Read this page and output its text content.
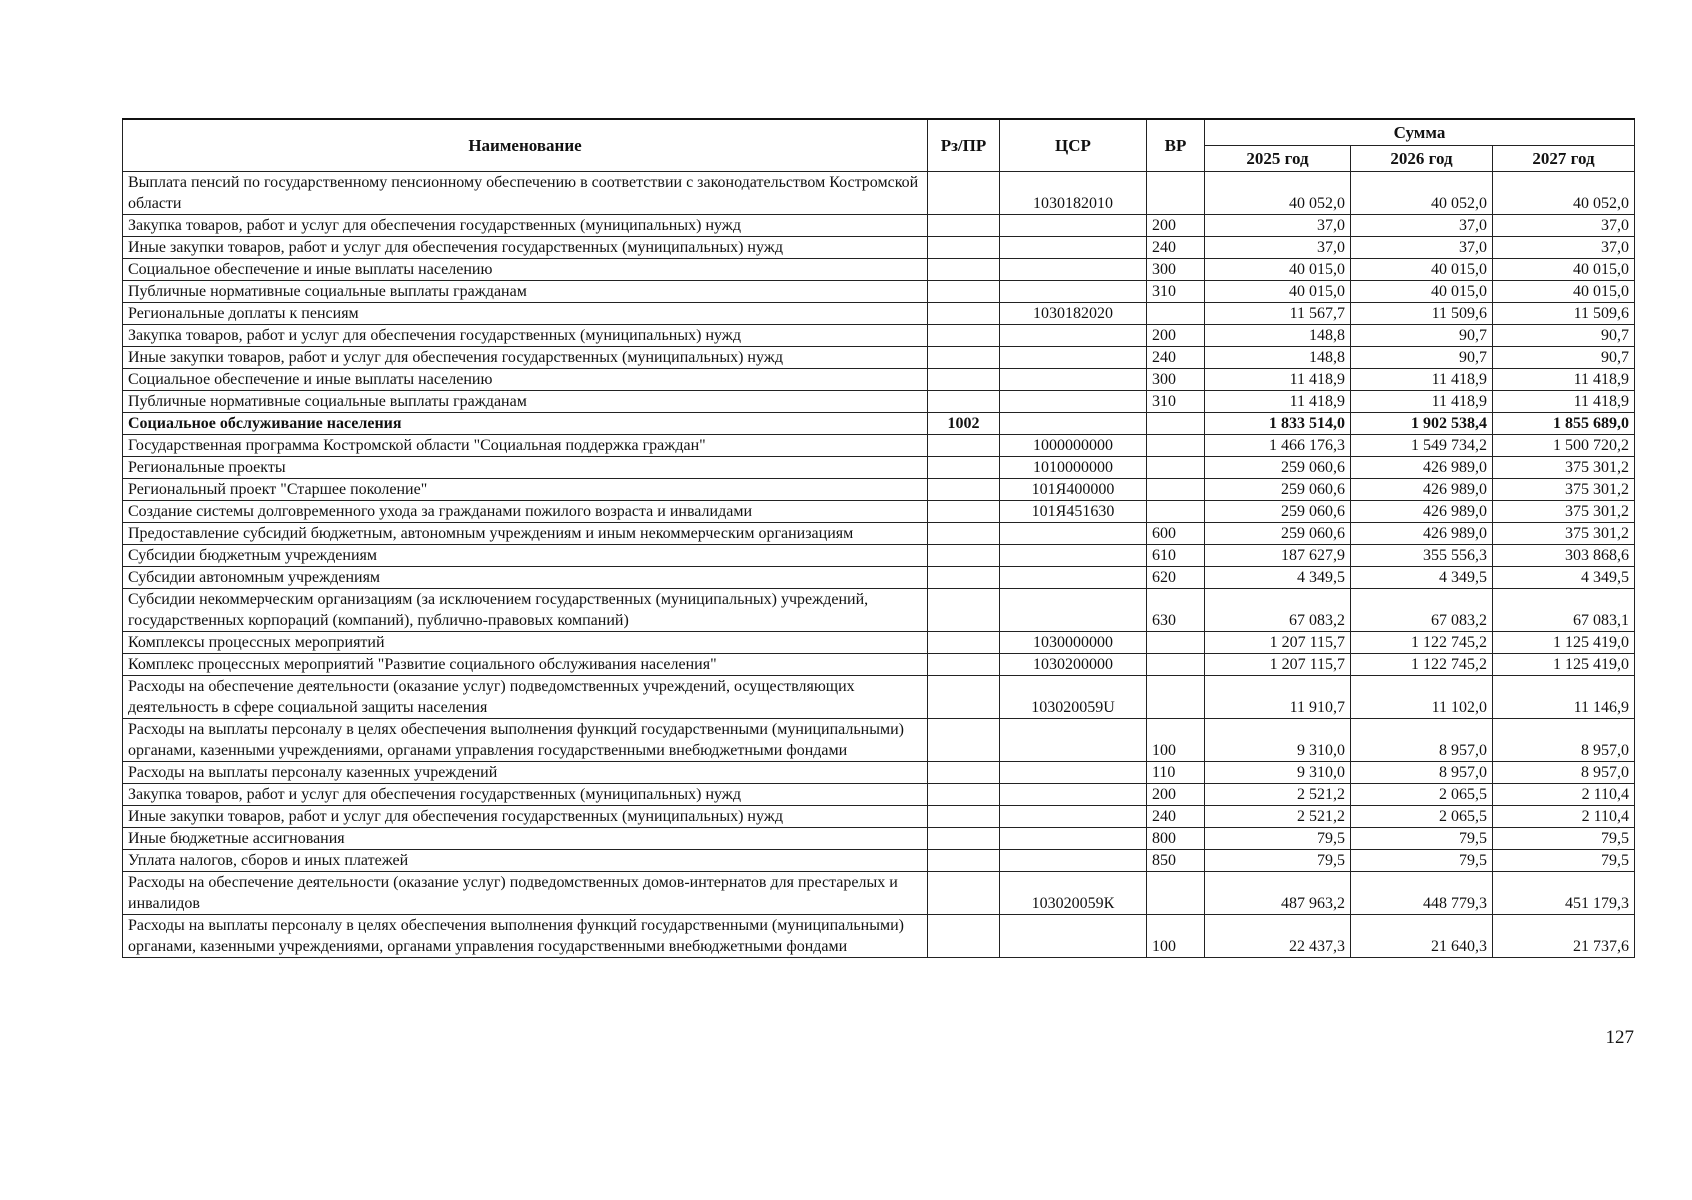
Наименование	Рз/ПР	ЦСР	ВР	Сумма		
				2025 год	2026 год	2027 год
Выплата пенсий по государственному пенсионному обеспечению в соответствии с законодательством Костромской области		1030182010		40 052,0	40 052,0	40 052,0
Закупка товаров, работ и услуг для обеспечения государственных (муниципальных) нужд			200	37,0	37,0	37,0
Иные закупки товаров, работ и услуг для обеспечения государственных (муниципальных) нужд			240	37,0	37,0	37,0
Социальное обеспечение и иные выплаты населению			300	40 015,0	40 015,0	40 015,0
Публичные нормативные социальные выплаты гражданам			310	40 015,0	40 015,0	40 015,0
Региональные доплаты к пенсиям		1030182020		11 567,7	11 509,6	11 509,6
Закупка товаров, работ и услуг для обеспечения государственных (муниципальных) нужд			200	148,8	90,7	90,7
Иные закупки товаров, работ и услуг для обеспечения государственных (муниципальных) нужд			240	148,8	90,7	90,7
Социальное обеспечение и иные выплаты населению			300	11 418,9	11 418,9	11 418,9
Публичные нормативные социальные выплаты гражданам			310	11 418,9	11 418,9	11 418,9
Социальное обслуживание населения	1002			1 833 514,0	1 902 538,4	1 855 689,0
Государственная программа Костромской области "Социальная поддержка граждан"		1000000000		1 466 176,3	1 549 734,2	1 500 720,2
Региональные проекты		1010000000		259 060,6	426 989,0	375 301,2
Региональный проект "Старшее поколение"		101Я400000		259 060,6	426 989,0	375 301,2
Создание системы долговременного ухода за гражданами пожилого возраста и инвалидами		101Я451630		259 060,6	426 989,0	375 301,2
Предоставление субсидий бюджетным, автономным учреждениям и иным некоммерческим организациям			600	259 060,6	426 989,0	375 301,2
Субсидии бюджетным учреждениям			610	187 627,9	355 556,3	303 868,6
Субсидии автономным учреждениям			620	4 349,5	4 349,5	4 349,5
Субсидии некоммерческим организациям (за исключением государственных (муниципальных) учреждений, государственных корпораций (компаний), публично-правовых компаний)			630	67 083,2	67 083,2	67 083,1
Комплексы процессных мероприятий		1030000000		1 207 115,7	1 122 745,2	1 125 419,0
Комплекс процессных мероприятий "Развитие социального обслуживания населения"		1030200000		1 207 115,7	1 122 745,2	1 125 419,0
Расходы на обеспечение деятельности (оказание услуг) подведомственных учреждений, осуществляющих деятельность в сфере социальной защиты населения		103020059U		11 910,7	11 102,0	11 146,9
Расходы на выплаты персоналу в целях обеспечения выполнения функций государственными (муниципальными) органами, казенными учреждениями, органами управления государственными внебюджетными фондами			100	9 310,0	8 957,0	8 957,0
Расходы на выплаты персоналу казенных учреждений			110	9 310,0	8 957,0	8 957,0
Закупка товаров, работ и услуг для обеспечения государственных (муниципальных) нужд			200	2 521,2	2 065,5	2 110,4
Иные закупки товаров, работ и услуг для обеспечения государственных (муниципальных) нужд			240	2 521,2	2 065,5	2 110,4
Иные бюджетные ассигнования			800	79,5	79,5	79,5
Уплата налогов, сборов и иных платежей			850	79,5	79,5	79,5
Расходы на обеспечение деятельности (оказание услуг) подведомственных домов-интернатов для престарелых и инвалидов		103020059К		487 963,2	448 779,3	451 179,3
Расходы на выплаты персоналу в целях обеспечения выполнения функций государственными (муниципальными) органами, казенными учреждениями, органами управления государственными внебюджетными фондами			100	22 437,3	21 640,3	21 737,6
127
